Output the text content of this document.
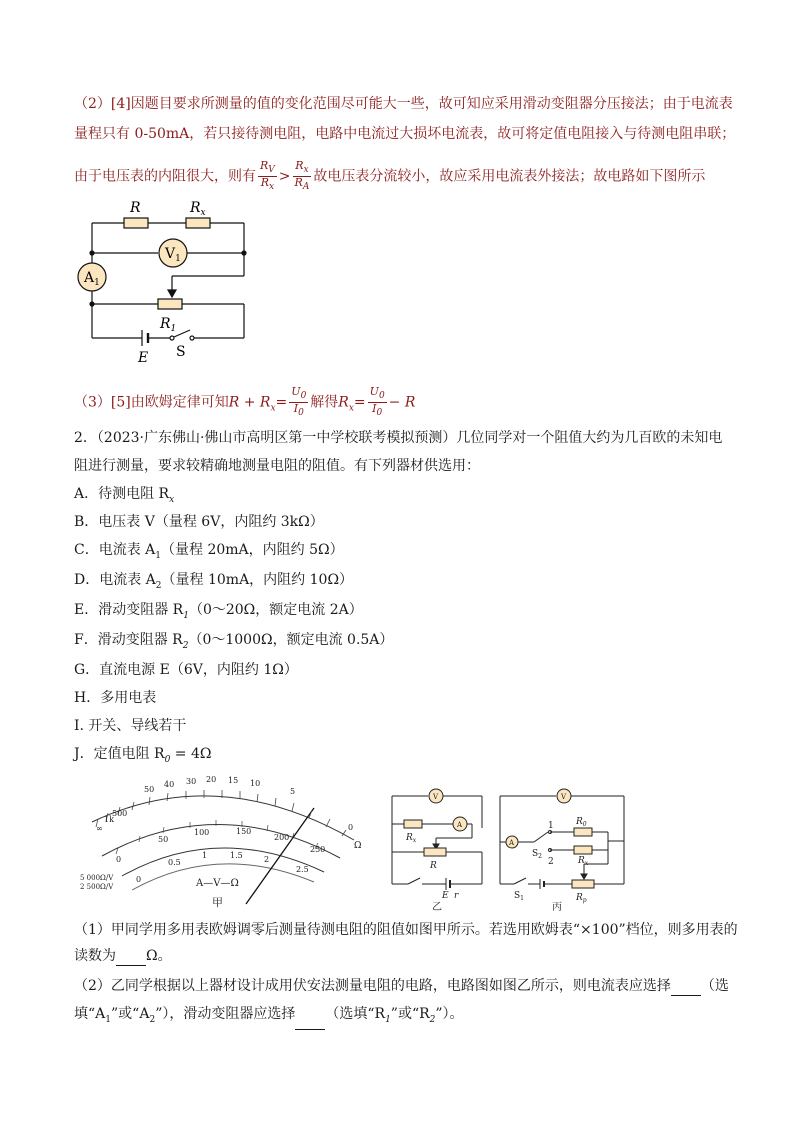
（2）[4]因题目要求所测量的值的变化范围尽可能大一些，故可知应采用滑动变阻器分压接法；由于电流表
量程只有 0-50mA，若只接待测电阻，电路中电流过大损坏电流表，故可将定值电阻接入与待测电阻串联；
由于电压表的内阻很大，则有 $\frac{R_V}{R_x} > \frac{R_x}{R_A}$ 故电压表分流较小，故应采用电流表外接法；故电路如下图所示
R	$R_x$
$V_1$
$A_1$
$R_1$
E S
（3）[5]由欧姆定律可知$R + R_x= \frac{U_0}{I_0}$ 解得$R_x= \frac{U_0}{I_0} - R$
2．（2023·广东佛山·佛山市高明区第一中学校联考模拟预测）几位同学对一个阻值大约为几百欧的未知电
阻进行测量，要求较精确地测量电阻的阻值。有下列器材供选用：
A．待测电阻 $R_x$
B．电压表 V（量程 6V，内阻约 3kΩ）
C．电流表 $A_1$（量程 20mA，内阻约 5Ω）
D．电流表 $A_2$（量程 10mA，内阻约 10Ω）
E．滑动变阻器 $R_1(0\sim 20\Omega$，额定电流 2A）
F．滑动变阻器 $R_2(0\sim 1000\Omega$，额定电流 0.5A）
G．直流电源 E（6V，内阻约 1Ω）
H．多用电表
I. 开关、导线若干
J．定值电阻 $R_0 = 4\Omega$
∞
1k
500
50
40 30 20 15 10
5
0
Ω
0
50
100	150
200
250
0
0.5
1	1.5	2
2.5
5 000Ω/V
2 500Ω/V	A—V—Ω
甲
V
A
$R_x$
R
E r
乙
V
A
1
2
$S_2$
$R_0$
$R_x$
$S_1$	$R_p$
丙
（1）甲同学用多用表欧姆调零后测量待测电阻的阻值如图甲所示。若选用欧姆表“×100”档位，则多用表的
读数为 Ω。
（2）乙同学根据以上器材设计成用伏安法测量电阻的电路，电路图如图乙所示，则电流表应选择 （选
填“$A_1$”或“$A_2$”），滑动变阻器应选择 （选填“$R_1$”或“$R_2$”）。
